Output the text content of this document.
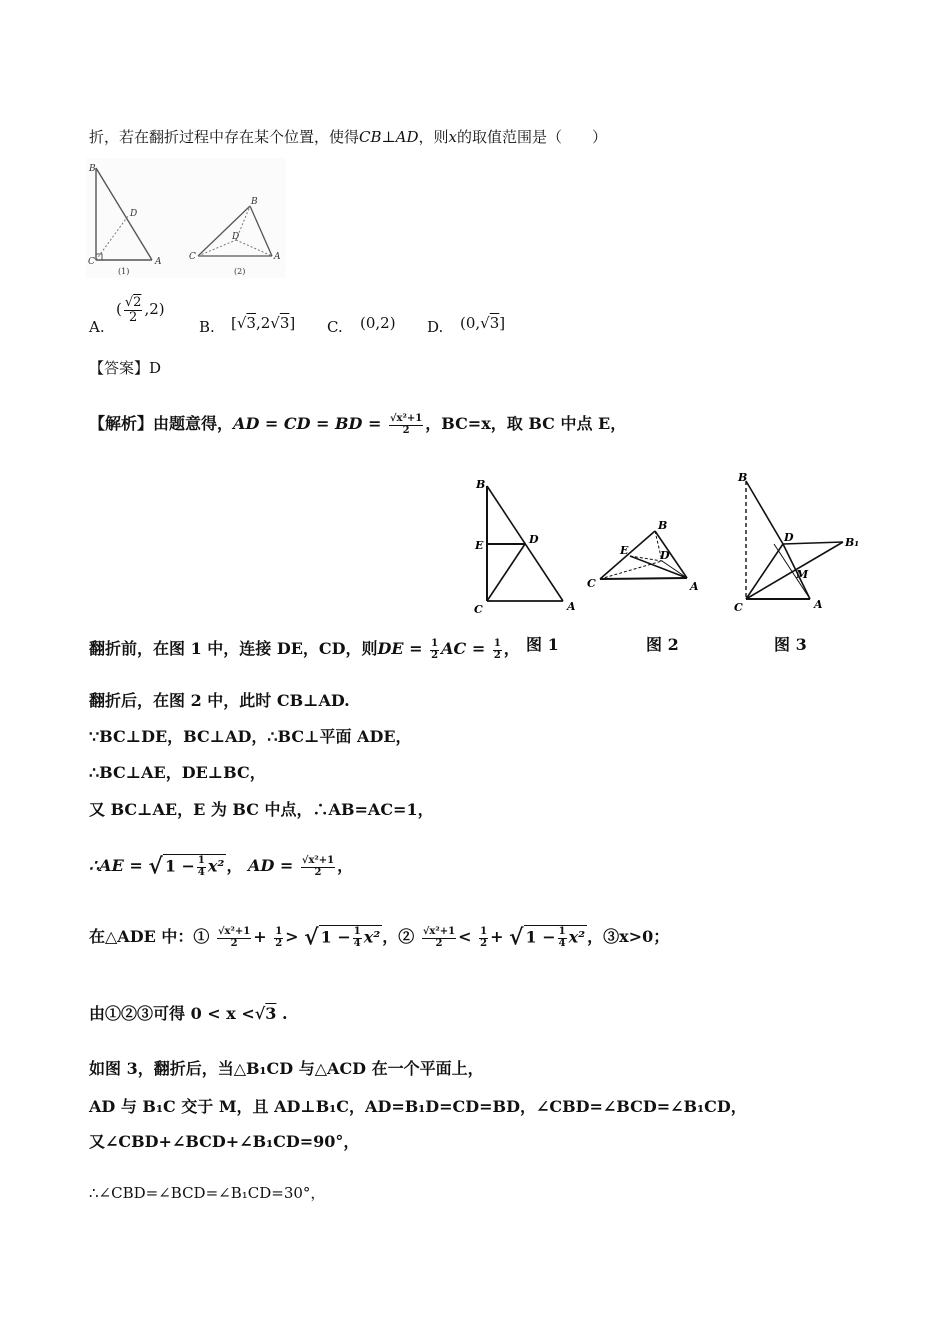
折，若在翻折过程中存在某个位置，使得CB⊥AD，则x的取值范围是（　　）
B
D
C	A
(1)
B
D
C	A
(2)
A.
( $\frac{√2}{2} ,2$)
B. [√3,2√3] C. (0,2) D. (0,√3]
【答案】D
【解析】由题意得，AD = CD = BD = $\frac{\text{√x²+1}}{2}$ ，BC=x，取 BC 中点 E，
B
E	D
C	A
B
E	D
C	A
B
D	B₁
M
C	A
图 1	图 2	图 3
翻折前，在图 1 中，连接 DE，CD，则DE = $\frac{1}{2}$ AC = $\frac{1}{2}$ ，
翻折后，在图 2 中，此时 CB⊥AD.
∵BC⊥DE，BC⊥AD，∴BC⊥平面 ADE，
∴BC⊥AE，DE⊥BC，
又 BC⊥AE，E 为 BC 中点，∴AB=AC=1，
∴AE = √ $1 - \frac{1}{4} x^2$ ， AD = $\frac{\text{√x²+1}}{2}$ ，
在△ADE 中：① $\frac{\text{√x²+1}}{2} + \frac{1}{2}$ > √ $1 - \frac{1}{4} x^2$ ，② $\frac{\text{√x²+1}}{2} < \frac{1}{2}$ + √ $1 - \frac{1}{4} x^2$ ，③x>0；
由①②③可得 0 < x <√3 .
如图 3，翻折后，当△B₁CD 与△ACD 在一个平面上，
AD 与 B₁C 交于 M，且 AD⊥B₁C，AD=B₁D=CD=BD，∠CBD=∠BCD=∠B₁CD，
又∠CBD+∠BCD+∠B₁CD=90°，
∴∠CBD=∠BCD=∠B₁CD=30°，
